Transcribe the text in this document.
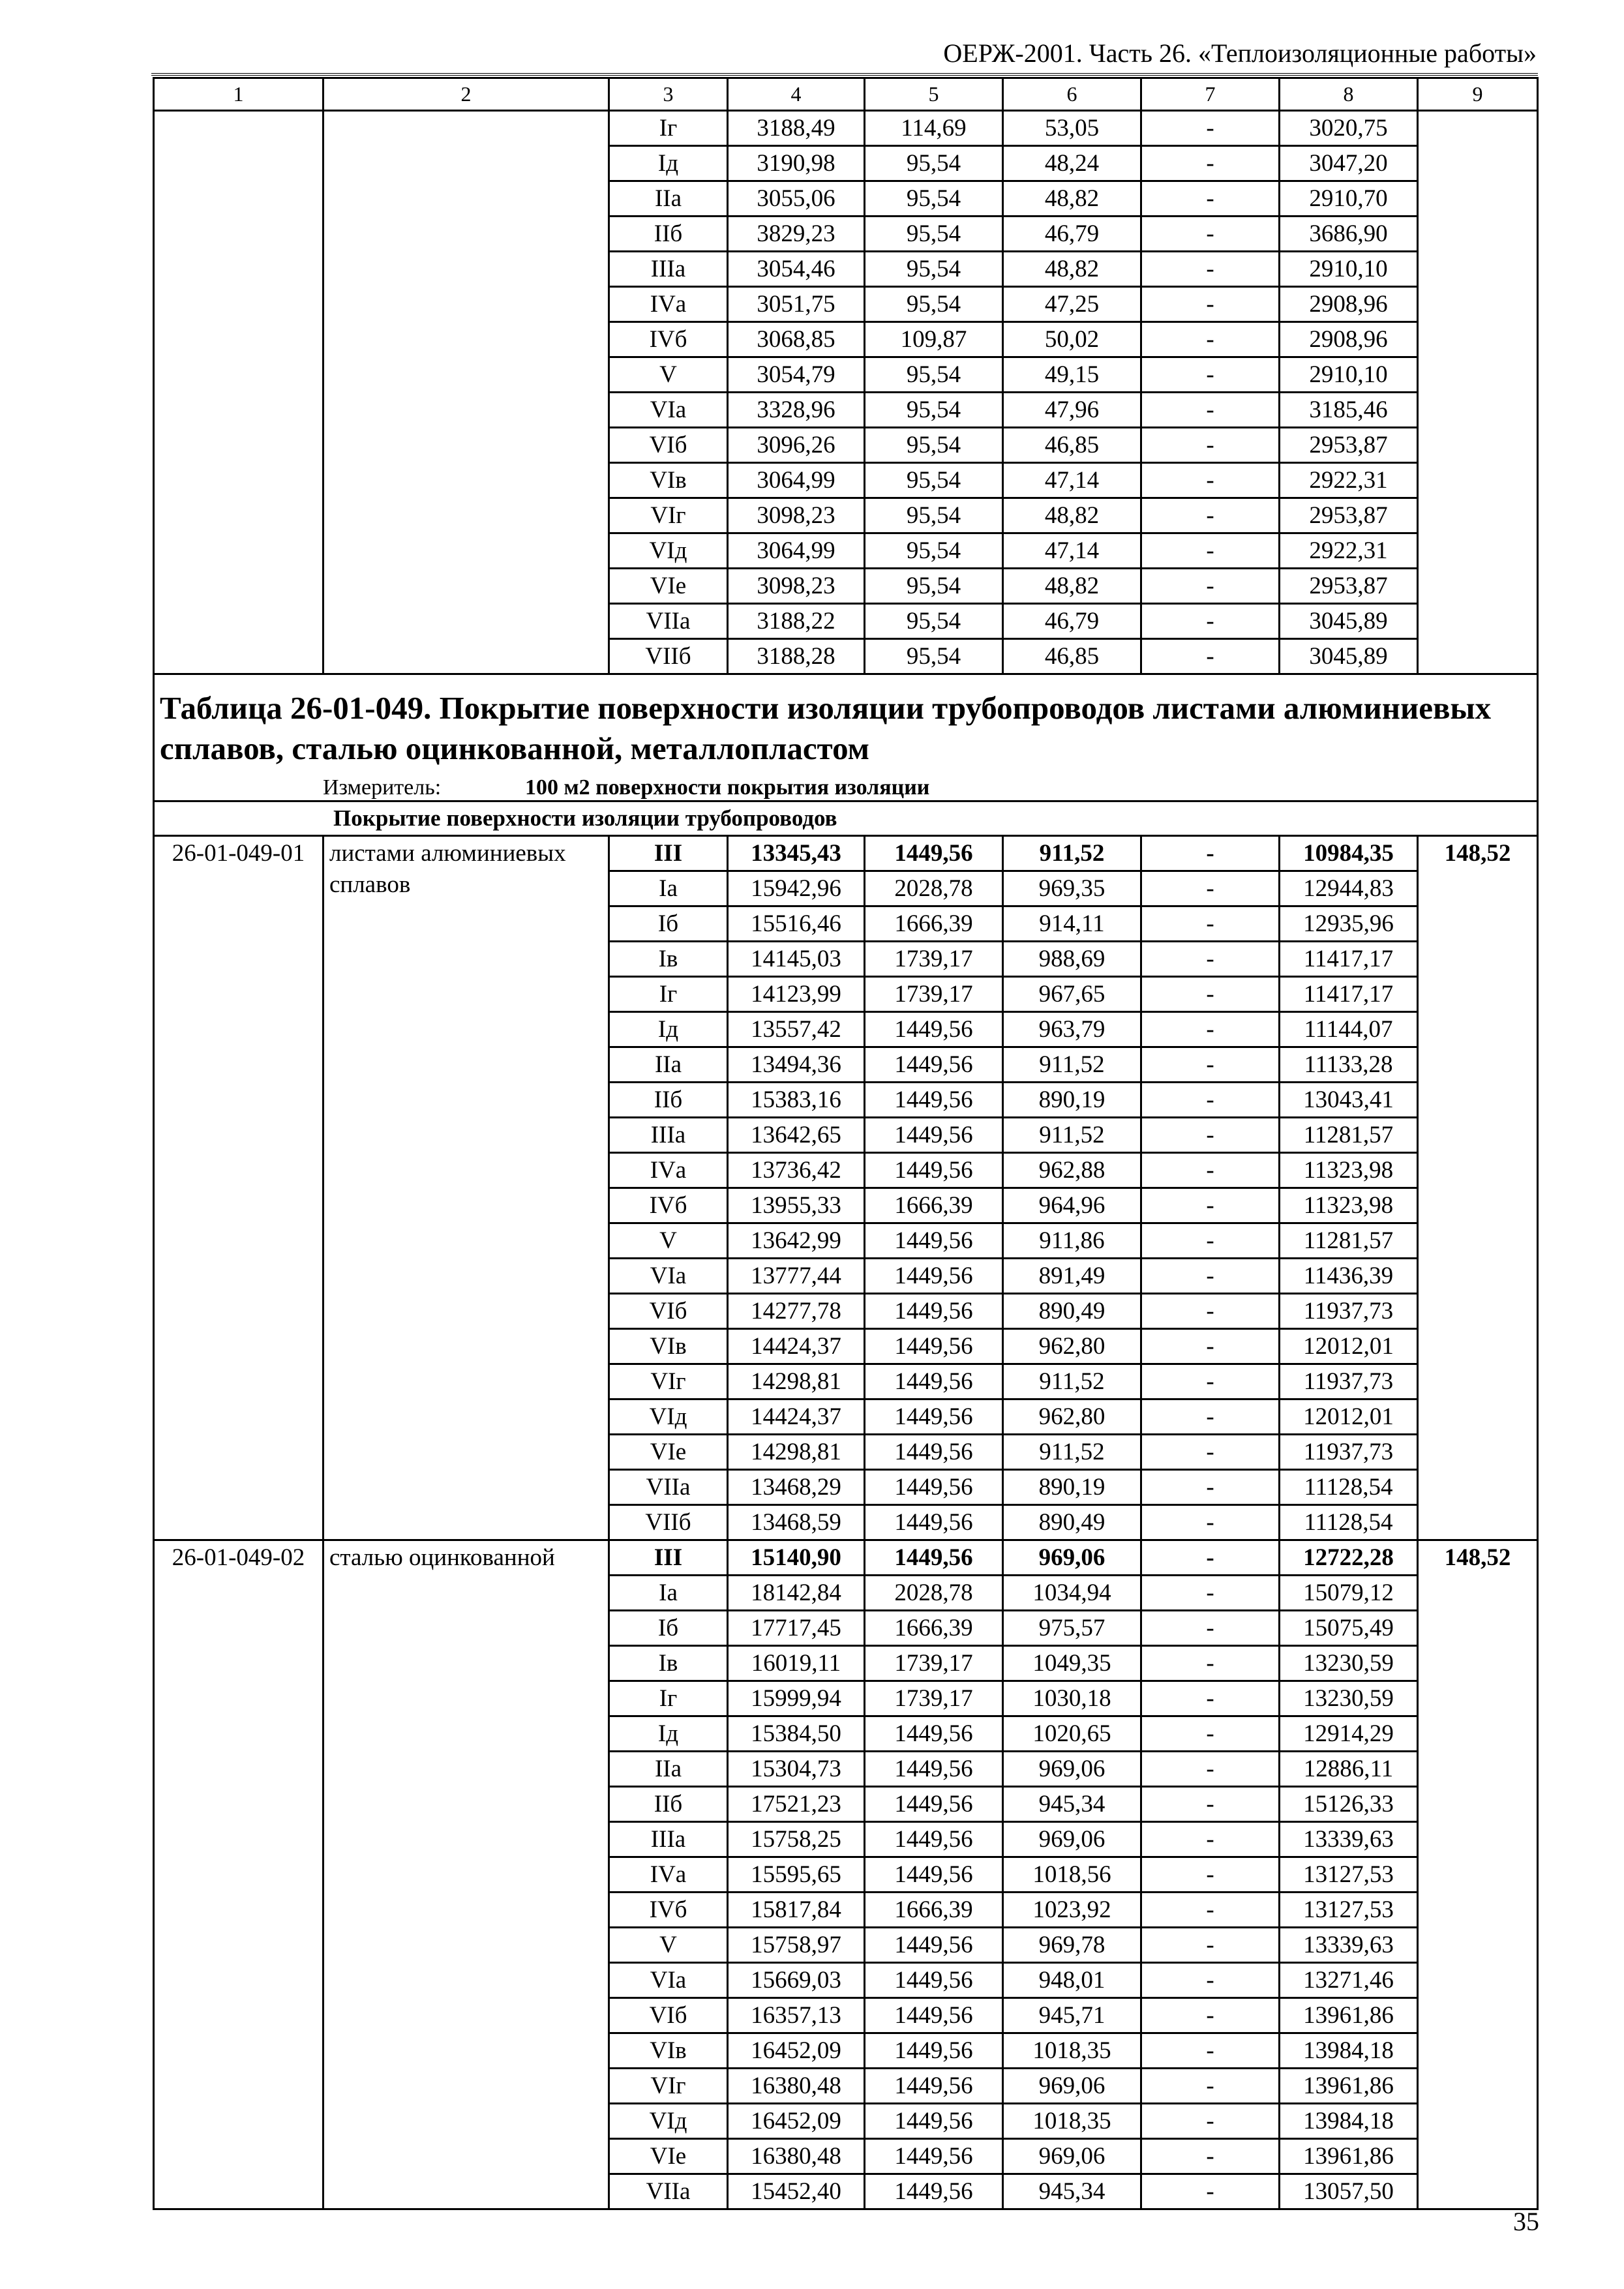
ОЕРЖ-2001. Часть 26. «Теплоизоляционные работы»
1	2	3	4	5	6	7	8	9
		Iг	3188,49	114,69	53,05	-	3020,75	
		Iд	3190,98	95,54	48,24	-	3047,20	
		IIа	3055,06	95,54	48,82	-	2910,70	
		IIб	3829,23	95,54	46,79	-	3686,90	
		IIIа	3054,46	95,54	48,82	-	2910,10	
		IVа	3051,75	95,54	47,25	-	2908,96	
		IVб	3068,85	109,87	50,02	-	2908,96	
		V	3054,79	95,54	49,15	-	2910,10	
		VIа	3328,96	95,54	47,96	-	3185,46	
		VIб	3096,26	95,54	46,85	-	2953,87	
		VIв	3064,99	95,54	47,14	-	2922,31	
		VIг	3098,23	95,54	48,82	-	2953,87	
		VIд	3064,99	95,54	47,14	-	2922,31	
		VIе	3098,23	95,54	48,82	-	2953,87	
		VIIа	3188,22	95,54	46,79	-	3045,89	
		VIIб	3188,28	95,54	46,85	-	3045,89	

Таблица 26-01-049. Покрытие поверхности изоляции трубопроводов листами алюминиевых сплавов, сталью оцинкованной, металлопластом
Измеритель: 100 м2 поверхности покрытия изоляции								

Покрытие поверхности изоляции трубопроводов								
26-01-049-01	листами алюминиевых сплавов	III	13345,43	1449,56	911,52	-	10984,35	148,52
		Iа	15942,96	2028,78	969,35	-	12944,83	
		Iб	15516,46	1666,39	914,11	-	12935,96	
		Iв	14145,03	1739,17	988,69	-	11417,17	
		Iг	14123,99	1739,17	967,65	-	11417,17	
		Iд	13557,42	1449,56	963,79	-	11144,07	
		IIа	13494,36	1449,56	911,52	-	11133,28	
		IIб	15383,16	1449,56	890,19	-	13043,41	
		IIIа	13642,65	1449,56	911,52	-	11281,57	
		IVа	13736,42	1449,56	962,88	-	11323,98	
		IVб	13955,33	1666,39	964,96	-	11323,98	
		V	13642,99	1449,56	911,86	-	11281,57	
		VIа	13777,44	1449,56	891,49	-	11436,39	
		VIб	14277,78	1449,56	890,49	-	11937,73	
		VIв	14424,37	1449,56	962,80	-	12012,01	
		VIг	14298,81	1449,56	911,52	-	11937,73	
		VIд	14424,37	1449,56	962,80	-	12012,01	
		VIе	14298,81	1449,56	911,52	-	11937,73	
		VIIа	13468,29	1449,56	890,19	-	11128,54	
		VIIб	13468,59	1449,56	890,49	-	11128,54	
26-01-049-02	сталью оцинкованной	III	15140,90	1449,56	969,06	-	12722,28	148,52
		Iа	18142,84	2028,78	1034,94	-	15079,12	
		Iб	17717,45	1666,39	975,57	-	15075,49	
		Iв	16019,11	1739,17	1049,35	-	13230,59	
		Iг	15999,94	1739,17	1030,18	-	13230,59	
		Iд	15384,50	1449,56	1020,65	-	12914,29	
		IIа	15304,73	1449,56	969,06	-	12886,11	
		IIб	17521,23	1449,56	945,34	-	15126,33	
		IIIа	15758,25	1449,56	969,06	-	13339,63	
		IVа	15595,65	1449,56	1018,56	-	13127,53	
		IVб	15817,84	1666,39	1023,92	-	13127,53	
		V	15758,97	1449,56	969,78	-	13339,63	
		VIа	15669,03	1449,56	948,01	-	13271,46	
		VIб	16357,13	1449,56	945,71	-	13961,86	
		VIв	16452,09	1449,56	1018,35	-	13984,18	
		VIг	16380,48	1449,56	969,06	-	13961,86	
		VIд	16452,09	1449,56	1018,35	-	13984,18	
		VIе	16380,48	1449,56	969,06	-	13961,86	
		VIIа	15452,40	1449,56	945,34	-	13057,50	
35
